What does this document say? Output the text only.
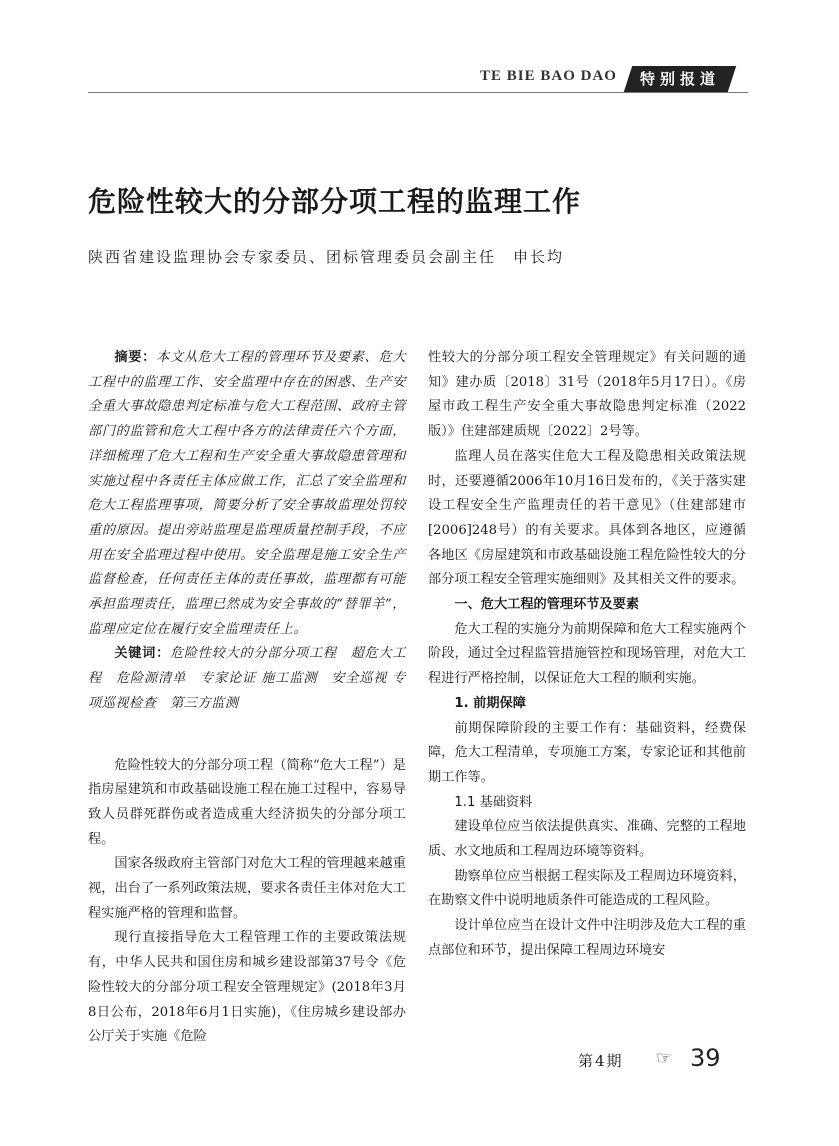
TE BIE BAO DAO	特别报道
危险性较大的分部分项工程的监理工作
陕西省建设监理协会专家委员、团标管理委员会副主任　申长均

摘要：本文从危大工程的管理环节及要素、危大工程中的监理工作、安全监理中存在的困惑、生产安全重大事故隐患判定标准与危大工程范围、政府主管部门的监管和危大工程中各方的法律责任六个方面，详细梳理了危大工程和生产安全重大事故隐患管理和实施过程中各责任主体应做工作，汇总了安全监理和危大工程监理事项，简要分析了安全事故监理处罚较重的原因。提出旁站监理是监理质量控制手段，不应用在安全监理过程中使用。安全监理是施工安全生产监督检查，任何责任主体的责任事故，监理都有可能承担监理责任，监理已然成为安全事故的“替罪羊”，监理应定位在履行安全监理责任上。

关键词：危险性较大的分部分项工程　超危大工程　危险源清单　专家论证 施工监测　安全巡视 专项巡视检查　第三方监测

危险性较大的分部分项工程（简称“危大工程”）是指房屋建筑和市政基础设施工程在施工过程中，容易导致人员群死群伤或者造成重大经济损失的分部分项工程。

国家各级政府主管部门对危大工程的管理越来越重视，出台了一系列政策法规，要求各责任主体对危大工程实施严格的管理和监督。

现行直接指导危大工程管理工作的主要政策法规有，中华人民共和国住房和城乡建设部第37号令《危险性较大的分部分项工程安全管理规定》(2018年3月8日公布，2018年6月1日实施)，《住房城乡建设部办公厅关于实施《危险

性较大的分部分项工程安全管理规定》有关问题的通知》建办质〔2018〕31号（2018年5月17日）。《房屋市政工程生产安全重大事故隐患判定标准（2022版）》住建部建质规〔2022〕2号等。

监理人员在落实住危大工程及隐患相关政策法规时，还要遵循2006年10月16日发布的，《关于落实建设工程安全生产监理责任的若干意见》（住建部建市[2006]248号）的有关要求。具体到各地区，应遵循各地区《房屋建筑和市政基础设施工程危险性较大的分部分项工程安全管理实施细则》及其相关文件的要求。

一、危大工程的管理环节及要素

危大工程的实施分为前期保障和危大工程实施两个阶段，通过全过程监管措施管控和现场管理，对危大工程进行严格控制，以保证危大工程的顺利实施。

1. 前期保障

前期保障阶段的主要工作有：基础资料，经费保障，危大工程清单，专项施工方案，专家论证和其他前期工作等。

1.1 基础资料

建设单位应当依法提供真实、准确、完整的工程地质、水文地质和工程周边环境等资料。

勘察单位应当根据工程实际及工程周边环境资料，在勘察文件中说明地质条件可能造成的工程风险。

设计单位应当在设计文件中注明涉及危大工程的重点部位和环节，提出保障工程周边环境安

第4期 ☞ 39
